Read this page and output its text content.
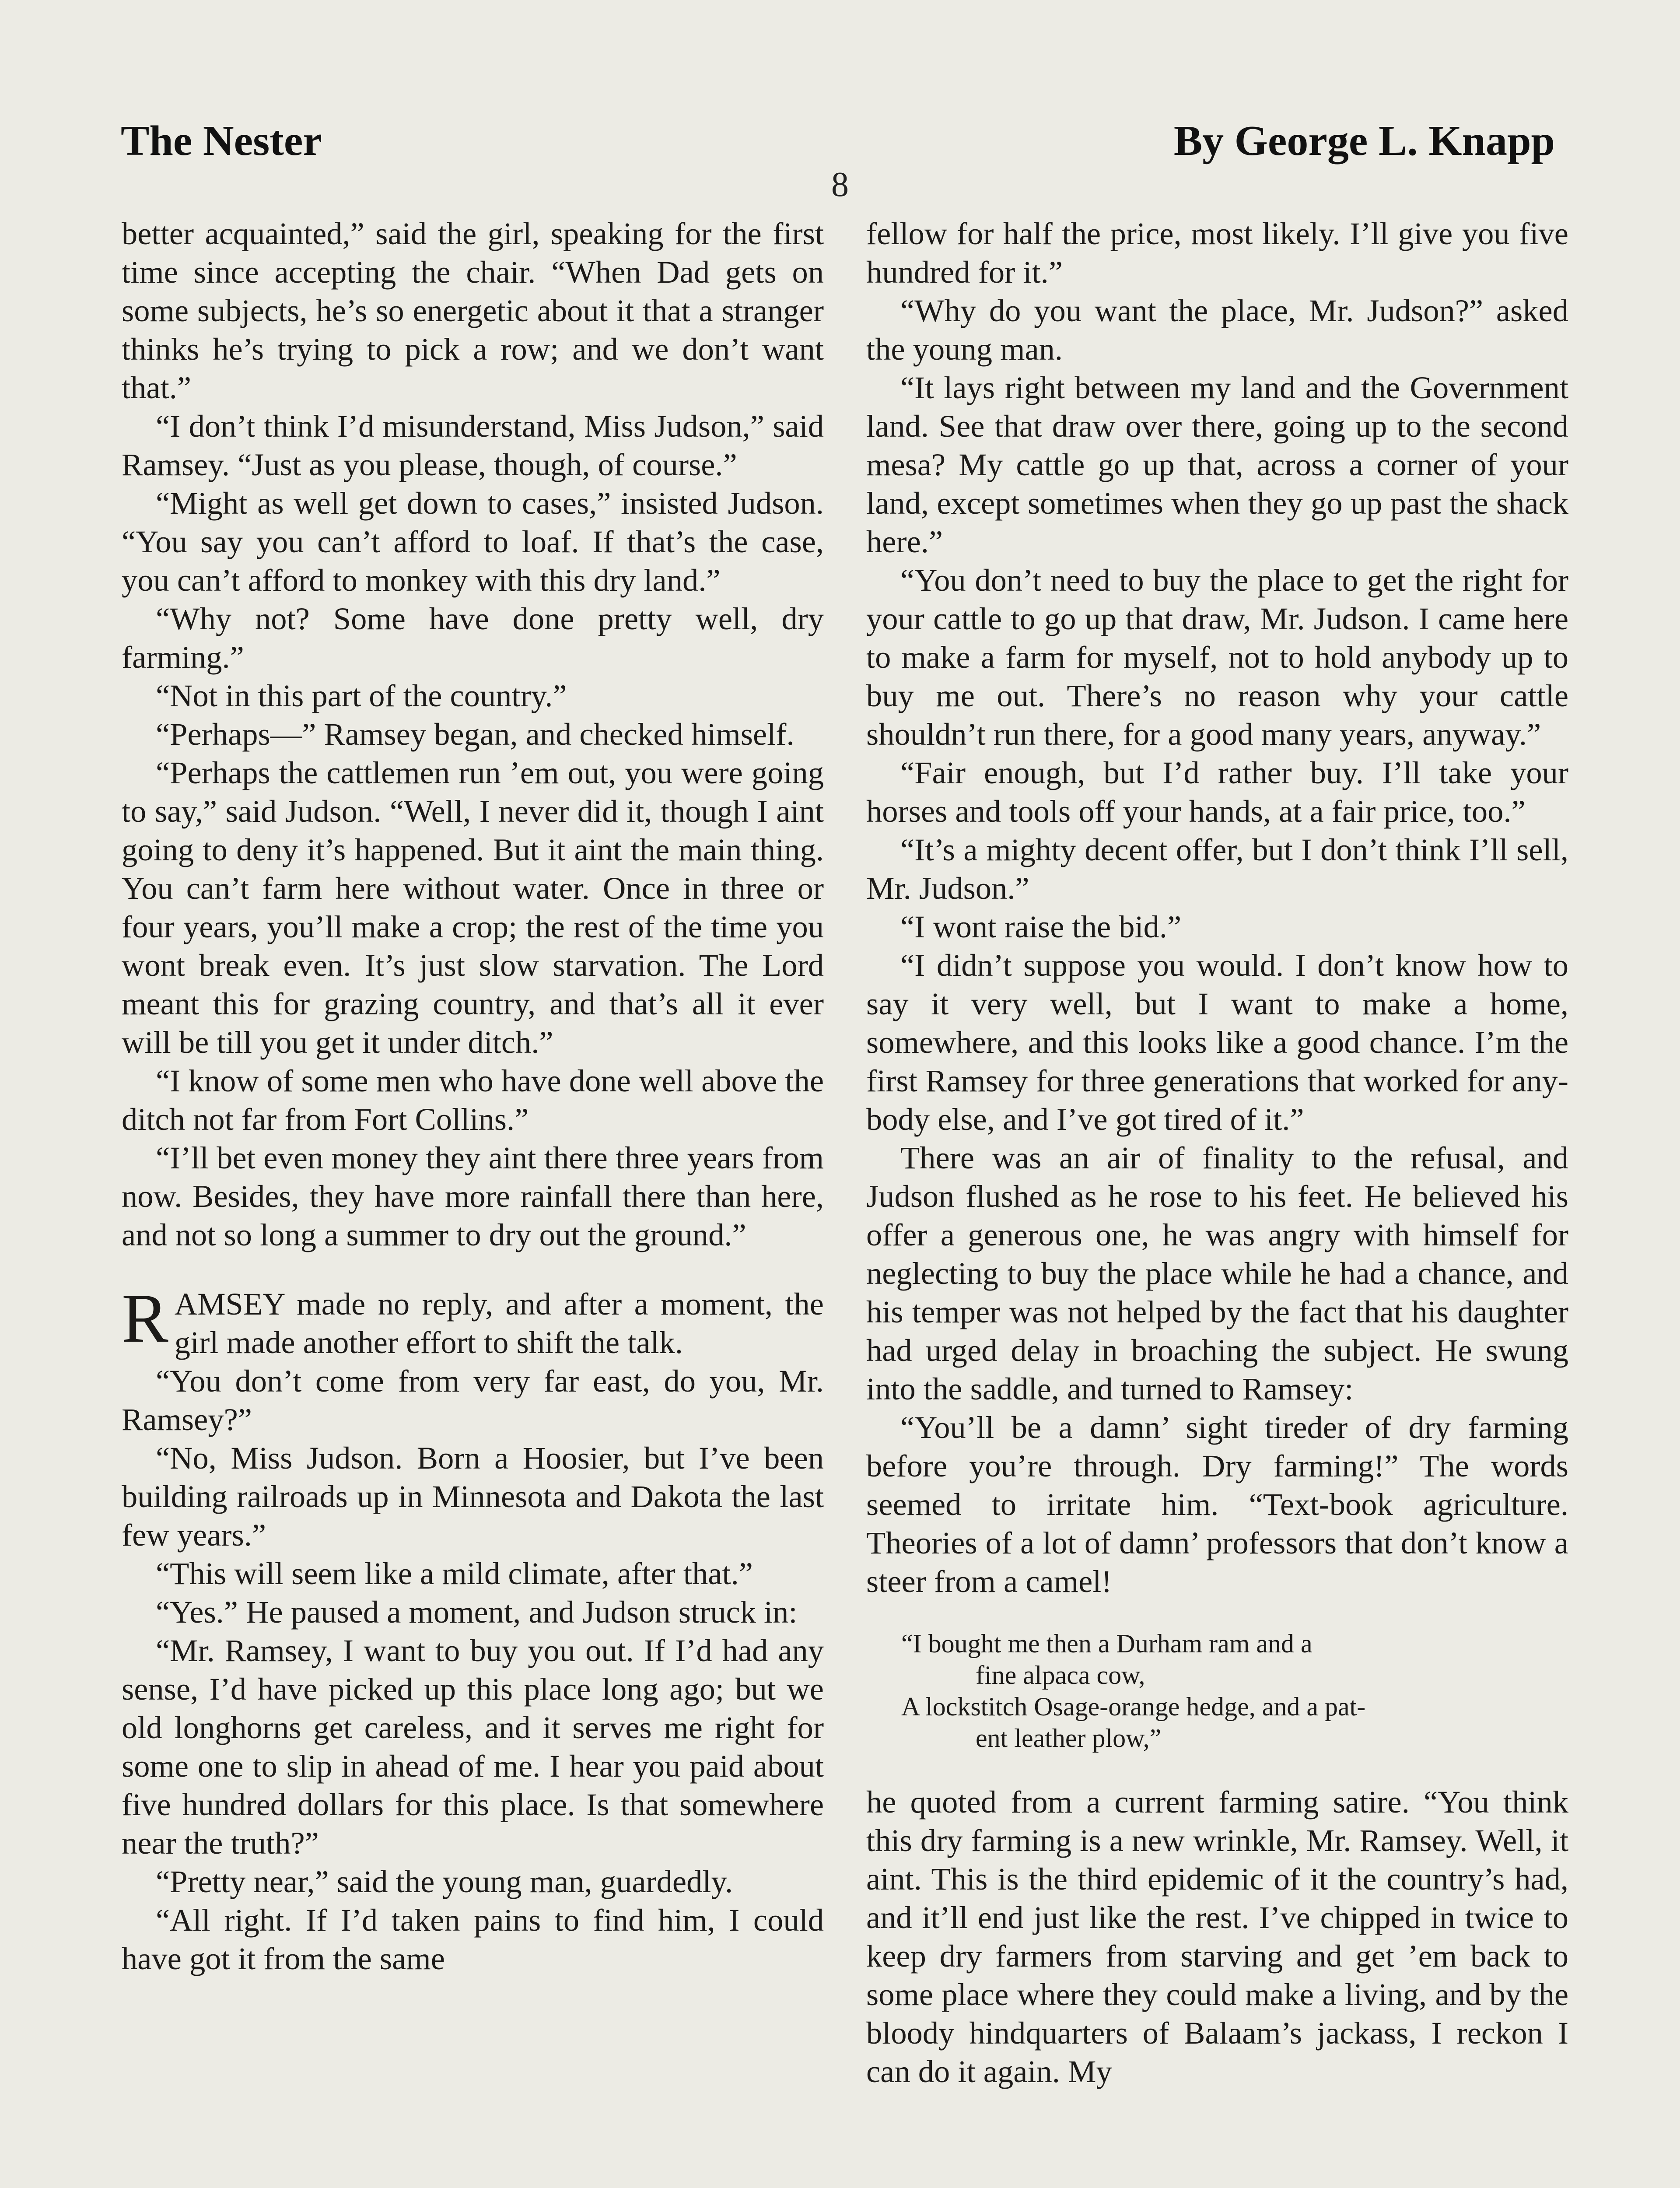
The Nester
8
By George L. Knapp

better acquainted,” said the girl, speaking for the first time since accepting the chair. “When Dad gets on some subjects, he’s so energetic about it that a stranger thinks he’s trying to pick a row; and we don’t want that.”

“I don’t think I’d misunderstand, Miss Judson,” said Ramsey. “Just as you please, though, of course.”

“Might as well get down to cases,” insisted Judson. “You say you can’t afford to loaf. If that’s the case, you can’t afford to monkey with this dry land.”

“Why not? Some have done pretty well, dry farming.”

“Not in this part of the country.”

“Perhaps—” Ramsey began, and checked himself.

“Perhaps the cattlemen run ’em out, you were going to say,” said Judson. “Well, I never did it, though I aint going to deny it’s happened. But it aint the main thing. You can’t farm here without water. Once in three or four years, you’ll make a crop; the rest of the time you wont break even. It’s just slow starvation. The Lord meant this for grazing country, and that’s all it ever will be till you get it under ditch.”

“I know of some men who have done well above the ditch not far from Fort Collins.”

“I’ll bet even money they aint there three years from now. Besides, they have more rainfall there than here, and not so long a summer to dry out the ground.”

RAMSEY made no reply, and after a moment, the girl made another effort to shift the talk.

“You don’t come from very far east, do you, Mr. Ramsey?”

“No, Miss Judson. Born a Hoosier, but I’ve been building railroads up in Minnesota and Dakota the last few years.”

“This will seem like a mild climate, after that.”

“Yes.” He paused a moment, and Judson struck in:

“Mr. Ramsey, I want to buy you out. If I’d had any sense, I’d have picked up this place long ago; but we old longhorns get careless, and it serves me right for some one to slip in ahead of me. I hear you paid about five hundred dollars for this place. Is that somewhere near the truth?”

“Pretty near,” said the young man, guardedly.

“All right. If I’d taken pains to find him, I could have got it from the same

fellow for half the price, most likely. I’ll give you five hundred for it.”

“Why do you want the place, Mr. Judson?” asked the young man.

“It lays right between my land and the Government land. See that draw over there, going up to the second mesa? My cattle go up that, across a corner of your land, except sometimes when they go up past the shack here.”

“You don’t need to buy the place to get the right for your cattle to go up that draw, Mr. Judson. I came here to make a farm for myself, not to hold anybody up to buy me out. There’s no reason why your cattle shouldn’t run there, for a good many years, anyway.”

“Fair enough, but I’d rather buy. I’ll take your horses and tools off your hands, at a fair price, too.”

“It’s a mighty decent offer, but I don’t think I’ll sell, Mr. Judson.”

“I wont raise the bid.”

“I didn’t suppose you would. I don’t know how to say it very well, but I want to make a home, somewhere, and this looks like a good chance. I’m the first Ramsey for three generations that worked for anybody else, and I’ve got tired of it.”

There was an air of finality to the refusal, and Judson flushed as he rose to his feet. He believed his offer a generous one, he was angry with himself for neglecting to buy the place while he had a chance, and his temper was not helped by the fact that his daughter had urged delay in broaching the subject. He swung into the saddle, and turned to Ramsey:

“You’ll be a damn’ sight tireder of dry farming before you’re through. Dry farming!” The words seemed to irritate him. “Text-book agriculture. Theories of a lot of damn’ professors that don’t know a steer from a camel!

“I bought me then a Durham ram and a
fine alpaca cow,
A lockstitch Osage-orange hedge, and a pat-
ent leather plow,”

he quoted from a current farming satire. “You think this dry farming is a new wrinkle, Mr. Ramsey. Well, it aint. This is the third epidemic of it the country’s had, and it’ll end just like the rest. I’ve chipped in twice to keep dry farmers from starving and get ’em back to some place where they could make a living, and by the bloody hindquarters of Balaam’s jackass, I reckon I can do it again. My
